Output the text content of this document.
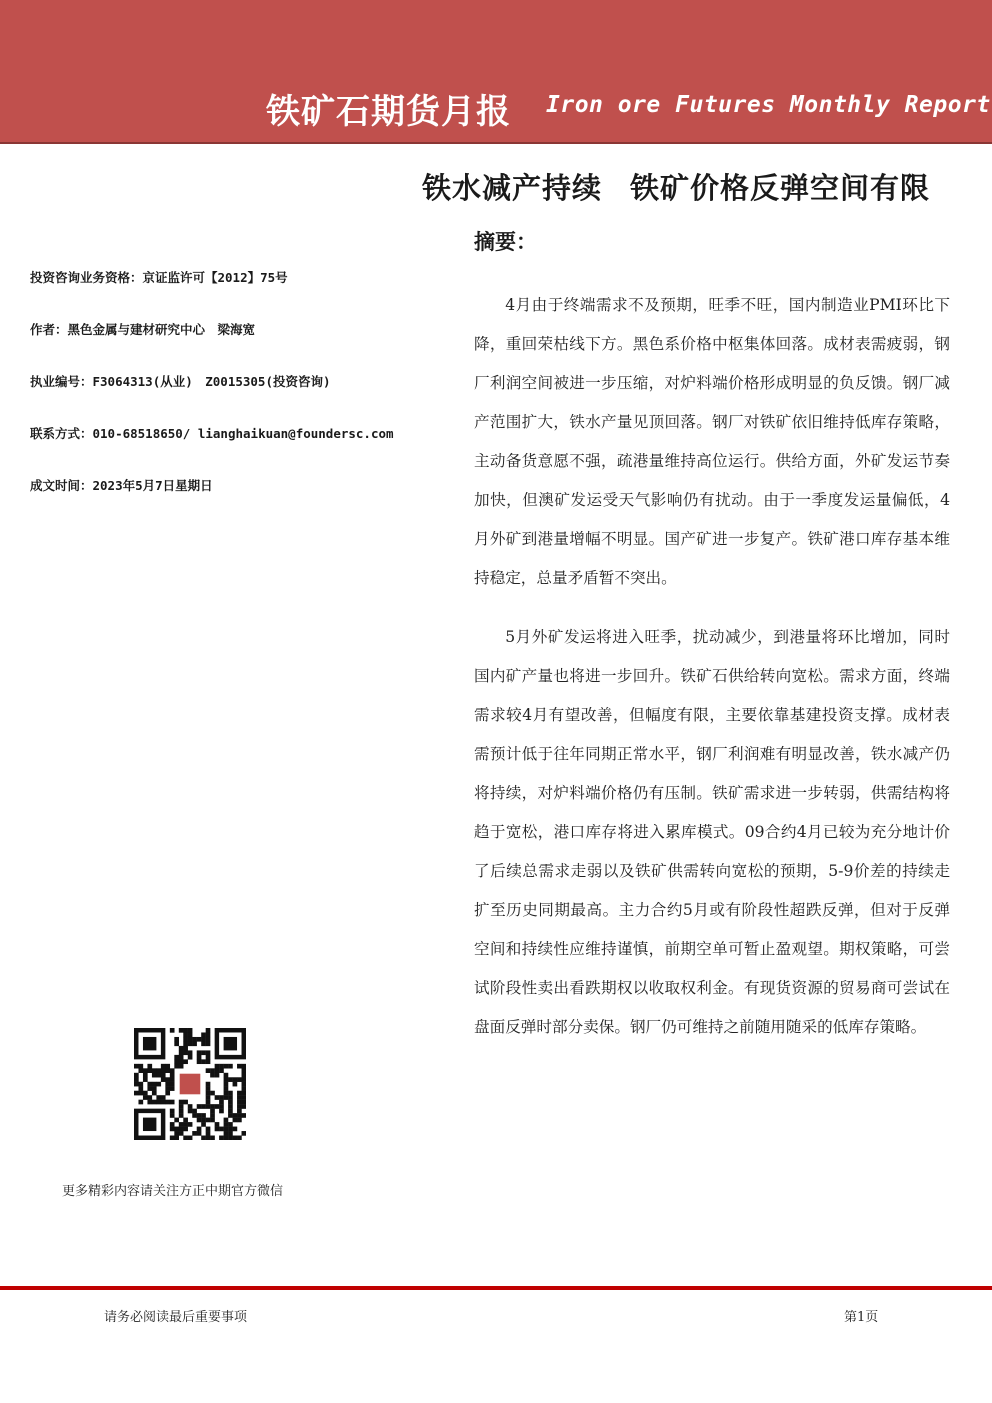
铁矿石期货月报 Iron ore Futures Monthly Report
铁水减产持续 铁矿价格反弹空间有限
摘要：
投资咨询业务资格：京证监许可【2012】75号
作者：黑色金属与建材研究中心　梁海宽
执业编号：F3064313(从业)　Z0015305(投资咨询)
联系方式：010-68518650/ lianghaikuan@foundersc.com
成文时间：2023年5月7日星期日

4月由于终端需求不及预期，旺季不旺，国内制造业PMI环比下降，重回荣枯线下方。黑色系价格中枢集体回落。成材表需疲弱，钢厂利润空间被进一步压缩，对炉料端价格形成明显的负反馈。钢厂减产范围扩大，铁水产量见顶回落。钢厂对铁矿依旧维持低库存策略，主动备货意愿不强，疏港量维持高位运行。供给方面，外矿发运节奏加快，但澳矿发运受天气影响仍有扰动。由于一季度发运量偏低，4月外矿到港量增幅不明显。国产矿进一步复产。铁矿港口库存基本维持稳定，总量矛盾暂不突出。

5月外矿发运将进入旺季，扰动减少，到港量将环比增加，同时国内矿产量也将进一步回升。铁矿石供给转向宽松。需求方面，终端需求较4月有望改善，但幅度有限，主要依靠基建投资支撑。成材表需预计低于往年同期正常水平，钢厂利润难有明显改善，铁水减产仍将持续，对炉料端价格仍有压制。铁矿需求进一步转弱，供需结构将趋于宽松，港口库存将进入累库模式。09合约4月已较为充分地计价了后续总需求走弱以及铁矿供需转向宽松的预期，5-9价差的持续走扩至历史同期最高。主力合约5月或有阶段性超跌反弹，但对于反弹空间和持续性应维持谨慎，前期空单可暂止盈观望。期权策略，可尝试阶段性卖出看跌期权以收取权利金。有现货资源的贸易商可尝试在盘面反弹时部分卖保。钢厂仍可维持之前随用随采的低库存策略。

更多精彩内容请关注方正中期官方微信
请务必阅读最后重要事项	第1页
